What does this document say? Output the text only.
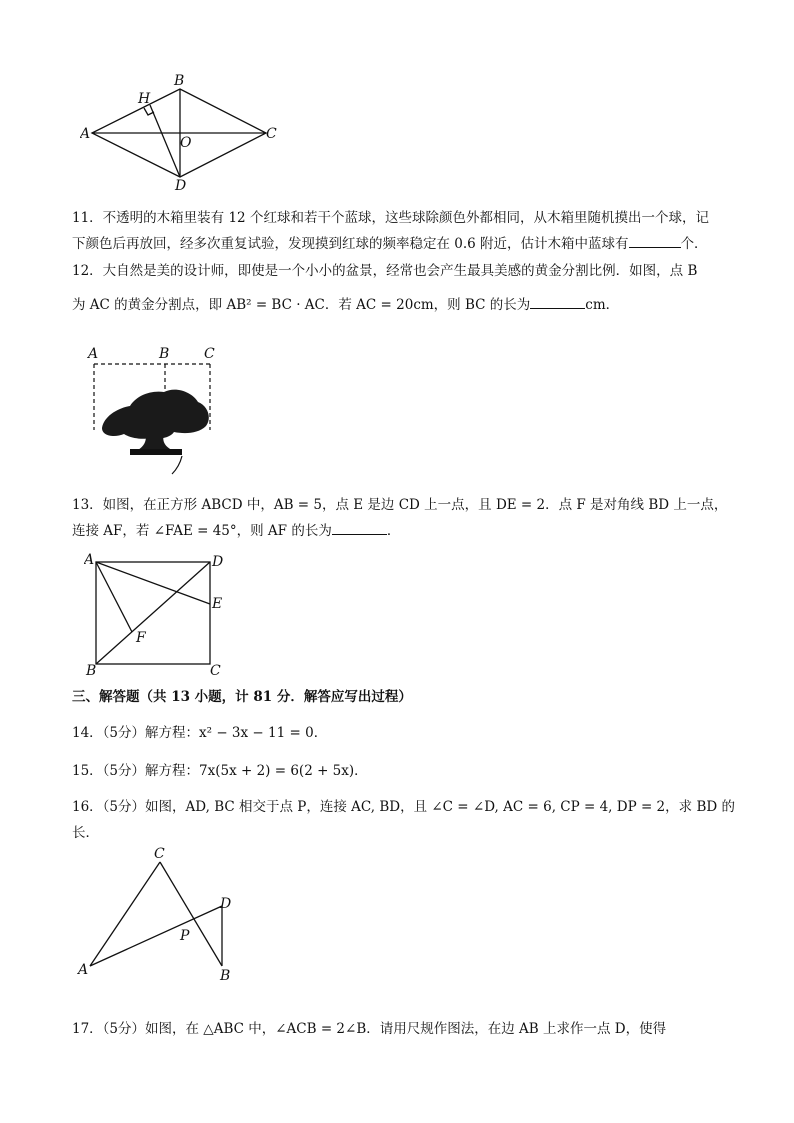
B
H
A
O
C
D
11．不透明的木箱里装有 12 个红球和若干个蓝球，这些球除颜色外都相同，从木箱里随机摸出一个球，记
下颜色后再放回，经多次重复试验，发现摸到红球的频率稳定在 0.6 附近，估计木箱中蓝球有	个．
12．大自然是美的设计师，即使是一个小小的盆景，经常也会产生最具美感的黄金分割比例．如图，点 B
为 AC 的黄金分割点，即 AB² = BC · AC．若 AC = 20cm，则 BC 的长为	cm．
A	B C
13．如图，在正方形 ABCD 中，AB = 5，点 E 是边 CD 上一点，且 DE = 2．点 F 是对角线 BD 上一点，
连接 AF，若 ∠FAE = 45°，则 AF 的长为	．
A	D
E
F
B	C
三、解答题（共 13 小题，计 81 分．解答应写出过程）
14．（5分）解方程：x² − 3x − 11 = 0．
15．（5分）解方程：7x(5x + 2) = 6(2 + 5x)．
16．（5分）如图，AD, BC 相交于点 P，连接 AC, BD，且 ∠C = ∠D, AC = 6, CP = 4, DP = 2，求 BD 的
长．
C
D
P
A	B
17．（5分）如图，在 △ABC 中，∠ACB = 2∠B．请用尺规作图法，在边 AB 上求作一点 D，使得
